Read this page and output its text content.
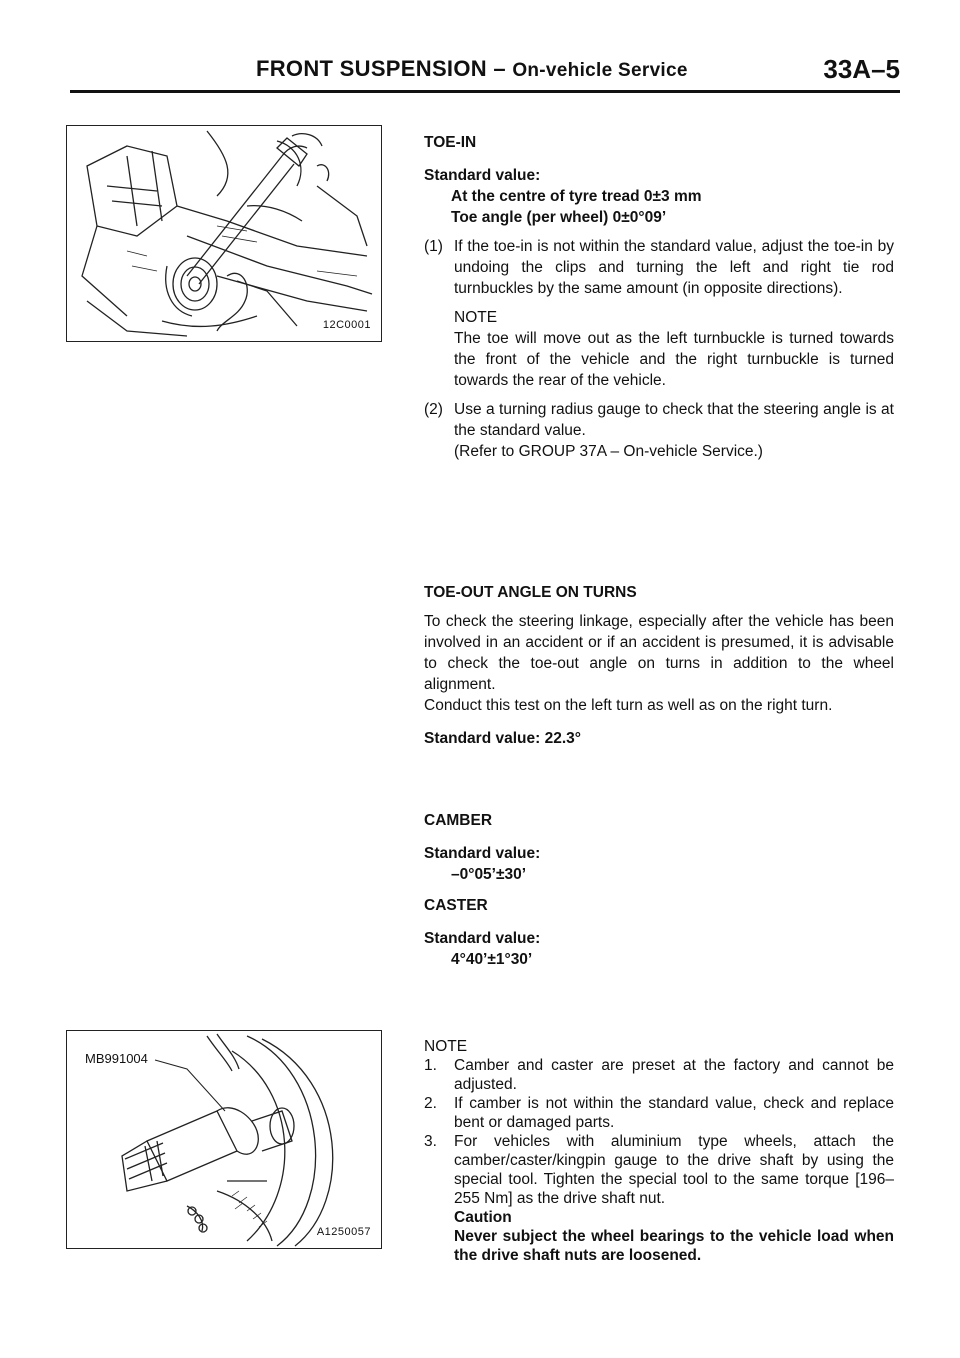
FRONT SUSPENSION – On-vehicle Service	33A–5
12C0001

TOE-IN

Standard value:

At the centre of tyre tread 0±3 mm

Toe angle (per wheel) 0±0°09’

(1) If the toe-in is not within the standard value, adjust the toe-in by undoing the clips and turning the left and right tie rod turnbuckles by the same amount (in opposite directions).

NOTE

The toe will move out as the left turnbuckle is turned towards the front of the vehicle and the right turnbuckle is turned towards the rear of the vehicle.

(2) Use a turning radius gauge to check that the steering angle is at the standard value.

(Refer to GROUP 37A – On-vehicle Service.)

TOE-OUT ANGLE ON TURNS

To check the steering linkage, especially after the vehicle has been involved in an accident or if an accident is presumed, it is advisable to check the toe-out angle on turns in addition to the wheel alignment.

Conduct this test on the left turn as well as on the right turn.

Standard value: 22.3°

CAMBER

Standard value:

–0°05’±30’

CASTER

Standard value:

4°40’±1°30’

MB991004
A1250057

NOTE

1. Camber and caster are preset at the factory and cannot be adjusted.
2. If camber is not within the standard value, check and replace bent or damaged parts.
3. For vehicles with aluminium type wheels, attach the camber/caster/kingpin gauge to the drive shaft by using the special tool. Tighten the special tool to the same torque [196–255 Nm] as the drive shaft nut.

Caution

Never subject the wheel bearings to the vehicle load when the drive shaft nuts are loosened.
